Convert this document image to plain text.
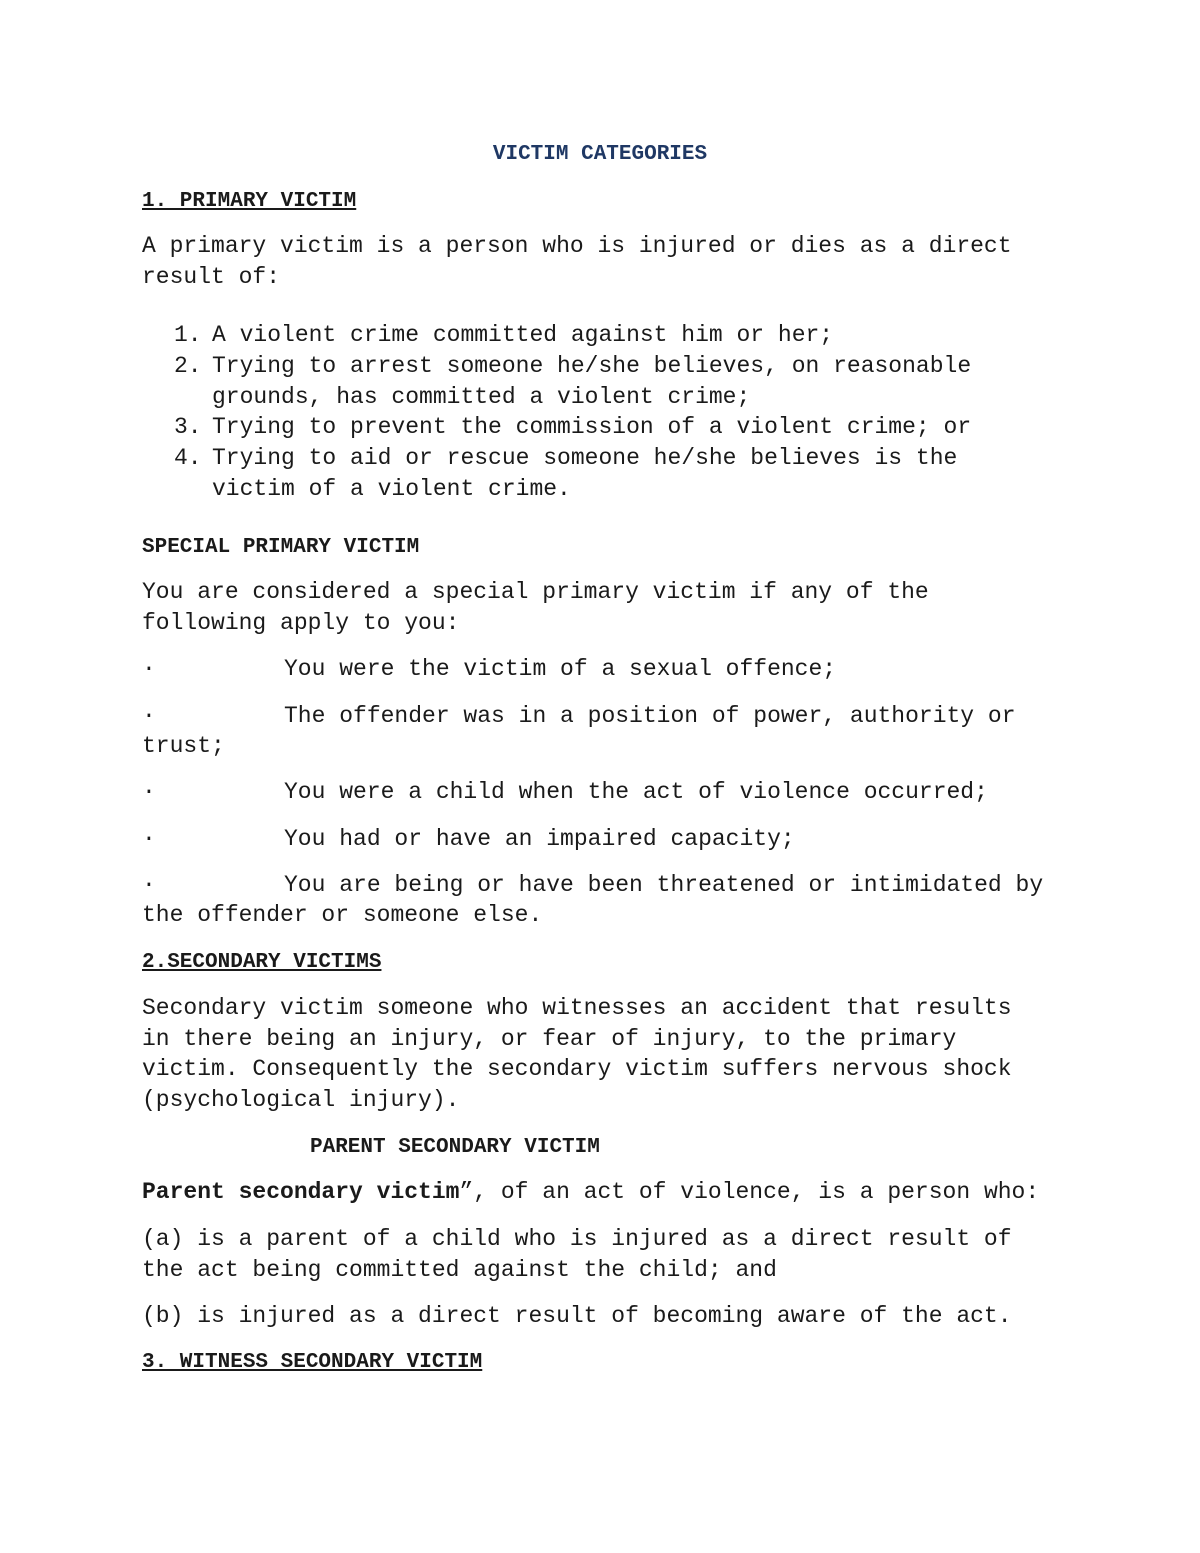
VICTIM CATEGORIES
1. PRIMARY VICTIM
A primary victim is a person who is injured or dies as a direct
result of:
1. A violent crime committed against him or her;
2. Trying to arrest someone he/she believes, on reasonable
grounds, has committed a violent crime;
3. Trying to prevent the commission of a violent crime; or
4. Trying to aid or rescue someone he/she believes is the
victim of a violent crime.
SPECIAL PRIMARY VICTIM
You are considered a special primary victim if any of the
following apply to you:
·	You were the victim of a sexual offence;
·	The offender was in a position of power, authority or
trust;
·	You were a child when the act of violence occurred;
·	You had or have an impaired capacity;
·	You are being or have been threatened or intimidated by
the offender or someone else.
2.SECONDARY VICTIMS
Secondary victim someone who witnesses an accident that results
in there being an injury, or fear of injury, to the primary
victim. Consequently the secondary victim suffers nervous shock
(psychological injury).
PARENT SECONDARY VICTIM
Parent secondary victim”, of an act of violence, is a person who:
(a) is a parent of a child who is injured as a direct result of
the act being committed against the child; and
(b) is injured as a direct result of becoming aware of the act.
3. WITNESS SECONDARY VICTIM
